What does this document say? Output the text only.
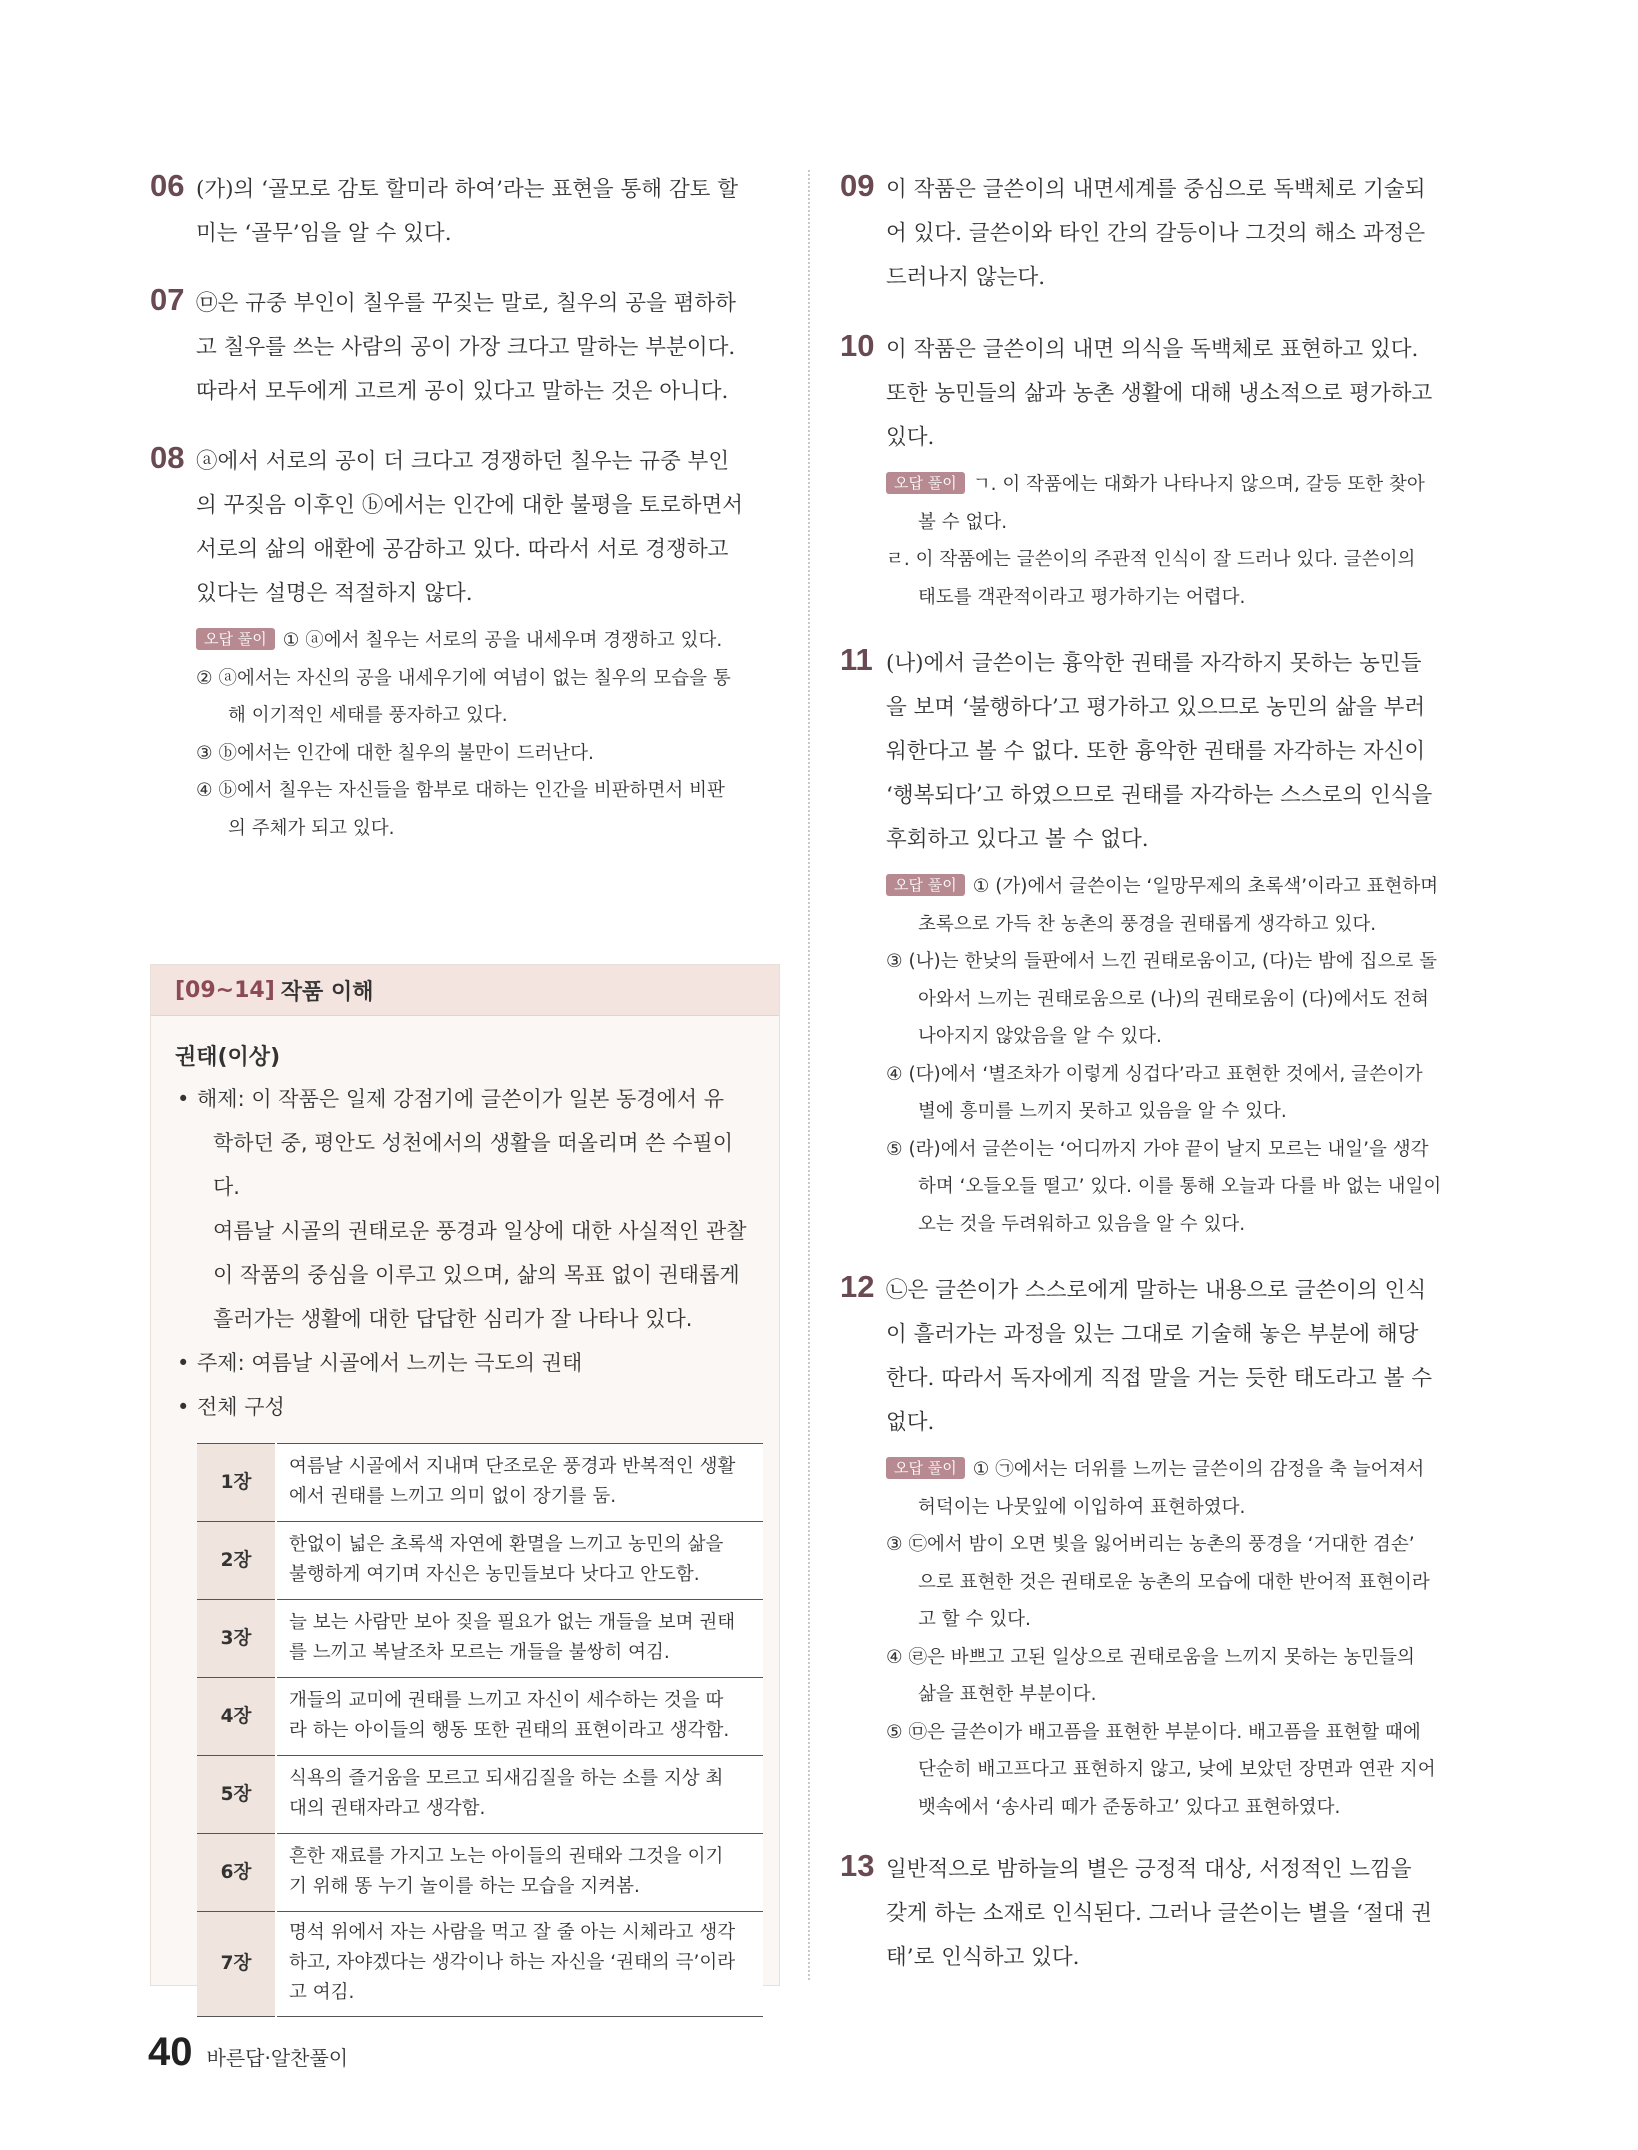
06 (가)의 ‘골모로 감토 할미라 하여’라는 표현을 통해 감토 할
미는 ‘골무’임을 알 수 있다.

07 ㉤은 규중 부인이 칠우를 꾸짖는 말로, 칠우의 공을 폄하하
고 칠우를 쓰는 사람의 공이 가장 크다고 말하는 부분이다.
따라서 모두에게 고르게 공이 있다고 말하는 것은 아니다.

08 ⓐ에서 서로의 공이 더 크다고 경쟁하던 칠우는 규중 부인
의 꾸짖음 이후인 ⓑ에서는 인간에 대한 불평을 토로하면서
서로의 삶의 애환에 공감하고 있다. 따라서 서로 경쟁하고
있다는 설명은 적절하지 않다.

오답 풀이 ① ⓐ에서 칠우는 서로의 공을 내세우며 경쟁하고 있다.
② ⓐ에서는 자신의 공을 내세우기에 여념이 없는 칠우의 모습을 통
해 이기적인 세태를 풍자하고 있다.
③ ⓑ에서는 인간에 대한 칠우의 불만이 드러난다.
④ ⓑ에서 칠우는 자신들을 함부로 대하는 인간을 비판하면서 비판
의 주체가 되고 있다.
[09~14] 작품 이해
권태(이상)
• 해제: 이 작품은 일제 강점기에 글쓴이가 일본 동경에서 유
학하던 중, 평안도 성천에서의 생활을 떠올리며 쓴 수필이다.
여름날 시골의 권태로운 풍경과 일상에 대한 사실적인 관찰
이 작품의 중심을 이루고 있으며, 삶의 목표 없이 권태롭게
흘러가는 생활에 대한 답답한 심리가 잘 나타나 있다.
• 주제: 여름날 시골에서 느끼는 극도의 권태
• 전체 구성
1장	여름날 시골에서 지내며 단조로운 풍경과 반복적인 생활
에서 권태를 느끼고 의미 없이 장기를 둠.

2장	한없이 넓은 초록색 자연에 환멸을 느끼고 농민의 삶을
불행하게 여기며 자신은 농민들보다 낫다고 안도함.

3장	늘 보는 사람만 보아 짖을 필요가 없는 개들을 보며 권태
를 느끼고 복날조차 모르는 개들을 불쌍히 여김.

4장	개들의 교미에 권태를 느끼고 자신이 세수하는 것을 따
라 하는 아이들의 행동 또한 권태의 표현이라고 생각함.

5장	식욕의 즐거움을 모르고 되새김질을 하는 소를 지상 최
대의 권태자라고 생각함.

6장	흔한 재료를 가지고 노는 아이들의 권태와 그것을 이기
기 위해 똥 누기 놀이를 하는 모습을 지켜봄.

7장	명석 위에서 자는 사람을 먹고 잘 줄 아는 시체라고 생각
하고, 자야겠다는 생각이나 하는 자신을 ‘권태의 극’이라
고 여김.
09 이 작품은 글쓴이의 내면세계를 중심으로 독백체로 기술되
어 있다. 글쓴이와 타인 간의 갈등이나 그것의 해소 과정은
드러나지 않는다.

10 이 작품은 글쓴이의 내면 의식을 독백체로 표현하고 있다.
또한 농민들의 삶과 농촌 생활에 대해 냉소적으로 평가하고
있다.

오답 풀이 ㄱ. 이 작품에는 대화가 나타나지 않으며, 갈등 또한 찾아
볼 수 없다.
ㄹ. 이 작품에는 글쓴이의 주관적 인식이 잘 드러나 있다. 글쓴이의
태도를 객관적이라고 평가하기는 어렵다.
11 (나)에서 글쓴이는 흉악한 권태를 자각하지 못하는 농민들
을 보며 ‘불행하다’고 평가하고 있으므로 농민의 삶을 부러
워한다고 볼 수 없다. 또한 흉악한 권태를 자각하는 자신이
‘행복되다’고 하였으므로 권태를 자각하는 스스로의 인식을
후회하고 있다고 볼 수 없다.

오답 풀이 ① (가)에서 글쓴이는 ‘일망무제의 초록색’이라고 표현하며
초록으로 가득 찬 농촌의 풍경을 권태롭게 생각하고 있다.
③ (나)는 한낮의 들판에서 느낀 권태로움이고, (다)는 밤에 집으로 돌
아와서 느끼는 권태로움으로 (나)의 권태로움이 (다)에서도 전혀
나아지지 않았음을 알 수 있다.
④ (다)에서 ‘별조차가 이렇게 싱겁다’라고 표현한 것에서, 글쓴이가
별에 흥미를 느끼지 못하고 있음을 알 수 있다.
⑤ (라)에서 글쓴이는 ‘어디까지 가야 끝이 날지 모르는 내일’을 생각
하며 ‘오들오들 떨고’ 있다. 이를 통해 오늘과 다를 바 없는 내일이
오는 것을 두려워하고 있음을 알 수 있다.
12 ㉡은 글쓴이가 스스로에게 말하는 내용으로 글쓴이의 인식
이 흘러가는 과정을 있는 그대로 기술해 놓은 부분에 해당
한다. 따라서 독자에게 직접 말을 거는 듯한 태도라고 볼 수
없다.

오답 풀이 ① ㉠에서는 더위를 느끼는 글쓴이의 감정을 축 늘어져서
허덕이는 나뭇잎에 이입하여 표현하였다.
③ ㉢에서 밤이 오면 빛을 잃어버리는 농촌의 풍경을 ‘거대한 겸손’
으로 표현한 것은 권태로운 농촌의 모습에 대한 반어적 표현이라
고 할 수 있다.
④ ㉣은 바쁘고 고된 일상으로 권태로움을 느끼지 못하는 농민들의
삶을 표현한 부분이다.
⑤ ㉤은 글쓴이가 배고픔을 표현한 부분이다. 배고픔을 표현할 때에
단순히 배고프다고 표현하지 않고, 낮에 보았던 장면과 연관 지어
뱃속에서 ‘송사리 떼가 준동하고’ 있다고 표현하였다.
13 일반적으로 밤하늘의 별은 긍정적 대상, 서정적인 느낌을
갖게 하는 소재로 인식된다. 그러나 글쓴이는 별을 ‘절대 권
태’로 인식하고 있다.

40 바른답·알찬풀이
